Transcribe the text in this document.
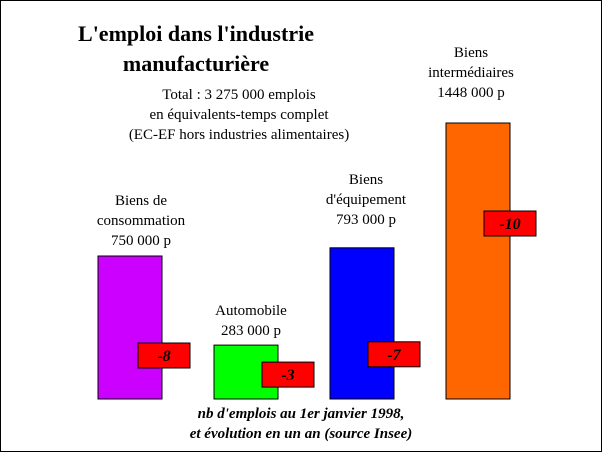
L'emploi dans l'industrie manufacturière
Total : 3 275 000 emplois
en équivalents-temps complet
(EC-EF hors industries alimentaires)
-8
-3
-7
-10
Biens de
consommation
750 000 p
Automobile
283 000 p
Biens
d'équipement
793 000 p
Biens
intermédiaires
1448 000 p
nb d'emplois au 1er janvier 1998,
et évolution en un an (source Insee)
